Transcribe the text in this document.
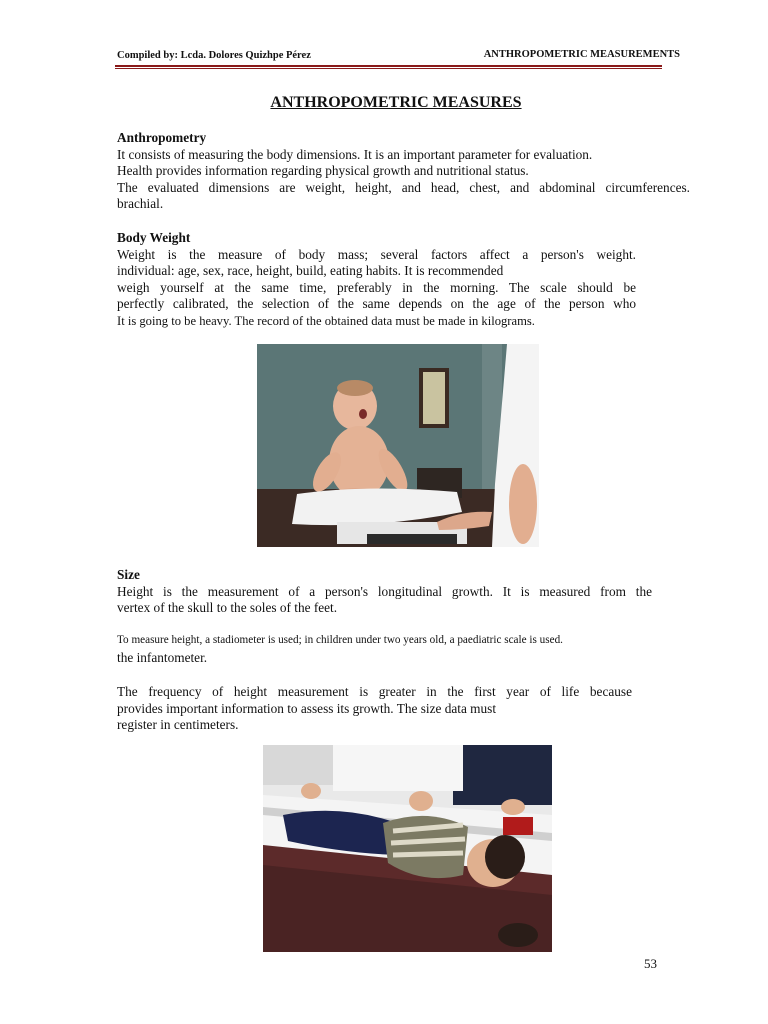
Compiled by: Lcda. Dolores Quizhpe Pérez	ANTHROPOMETRIC MEASUREMENTS
ANTHROPOMETRIC MEASURES

Anthropometry

It consists of measuring the body dimensions. It is an important parameter for evaluation.

Health provides information regarding physical growth and nutritional status.

The evaluated dimensions are weight, height, and head, chest, and abdominal circumferences.

brachial.

Body Weight

Weight is the measure of body mass; several factors affect a person's weight.

individual: age, sex, race, height, build, eating habits. It is recommended

weigh yourself at the same time, preferably in the morning. The scale should be

perfectly calibrated, the selection of the same depends on the age of the person who

It is going to be heavy. The record of the obtained data must be made in kilograms.

Size

Height is the measurement of a person's longitudinal growth. It is measured from the

vertex of the skull to the soles of the feet.

To measure height, a stadiometer is used; in children under two years old, a paediatric scale is used.
the infantometer.

The frequency of height measurement is greater in the first year of life because

provides important information to assess its growth. The size data must

register in centimeters.

53
